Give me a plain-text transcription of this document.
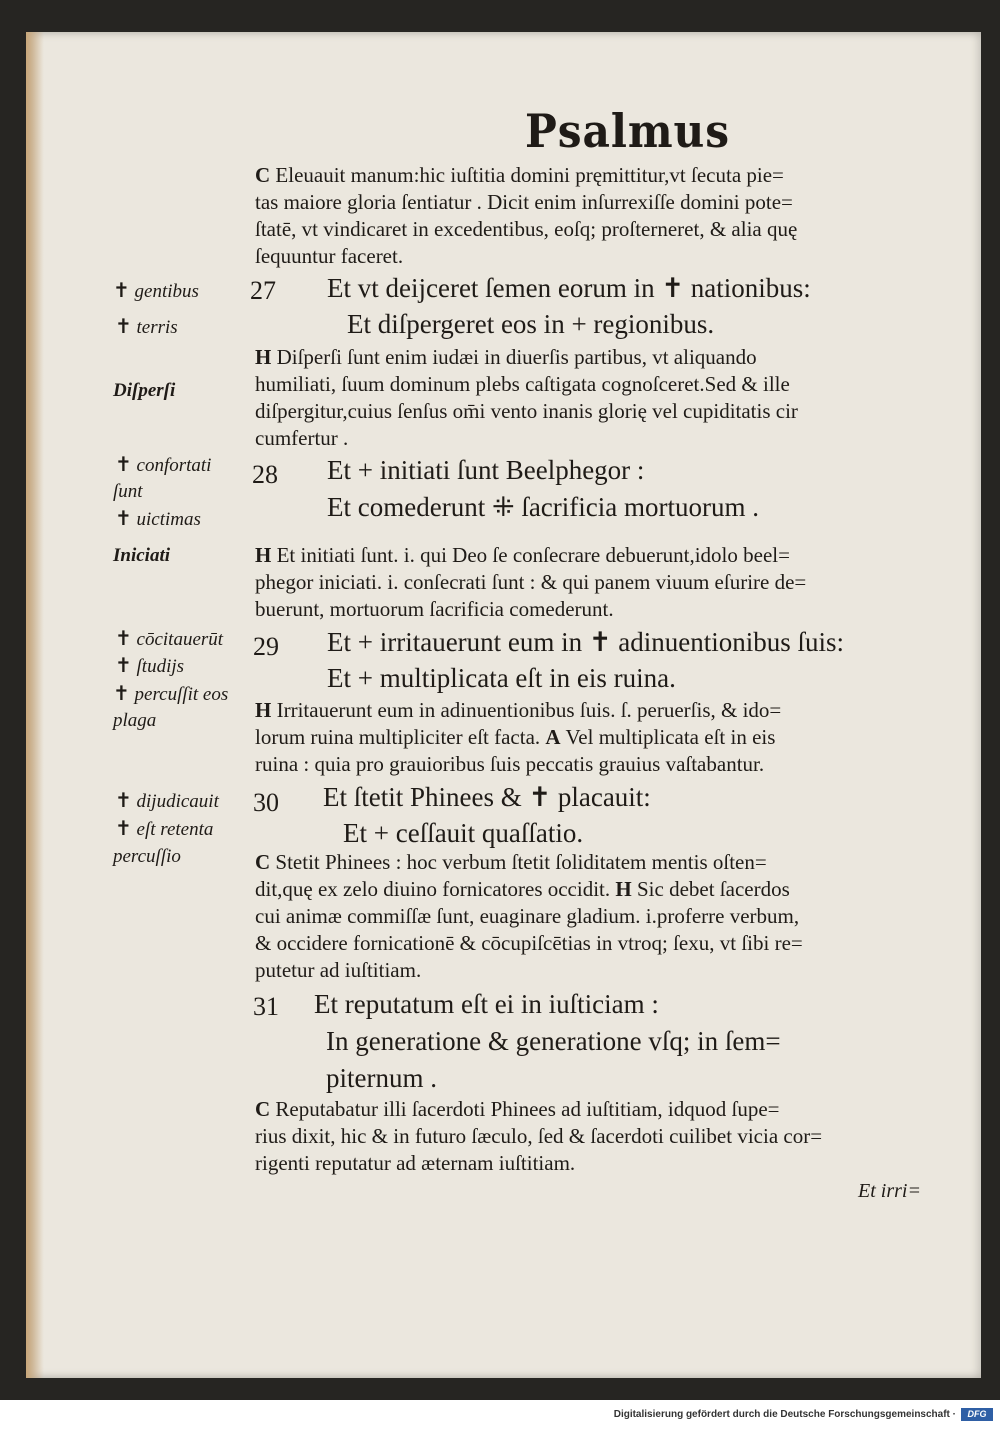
Psalmus
C Eleuauit manum:hic iuſtitia domini pręmittitur,vt ſecuta pie=
tas maiore gloria ſentiatur . Dicit enim inſurrexiſſe domini pote=
ſtatē, vt vindicaret in excedentibus, eoſq; proſterneret, & alia quę
ſequuntur faceret.
27 Et vt deijceret ſemen eorum in ✝ nationibus:
Et diſpergeret eos in + regionibus.
H Diſperſi ſunt enim iudæi in diuerſis partibus, vt aliquando
humiliati, ſuum dominum plebs caſtigata cognoſceret.Sed & ille
diſpergitur,cuius ſenſus om̄i vento inanis glorię vel cupiditatis cir
cumfertur .
28 Et + initiati ſunt Beelphegor :
Et comederunt ⁜ ſacrificia mortuorum .
H Et initiati ſunt. i. qui Deo ſe conſecrare debuerunt,idolo beel=
phegor iniciati. i. conſecrati ſunt : & qui panem viuum eſurire de=
buerunt, mortuorum ſacrificia comederunt.
29 Et + irritauerunt eum in ✝ adinuentionibus ſuis:
Et + multiplicata eſt in eis ruina.
H Irritauerunt eum in adinuentionibus ſuis. ſ. peruerſis, & ido=
lorum ruina multipliciter eſt facta. A Vel multiplicata eſt in eis
ruina : quia pro grauioribus ſuis peccatis grauius vaſtabantur.
30 Et ſtetit Phinees & ✝ placauit:
Et + ceſſauit quaſſatio.
C Stetit Phinees : hoc verbum ſtetit ſoliditatem mentis oſten=
dit,quę ex zelo diuino fornicatores occidit. H Sic debet ſacerdos
cui animæ commiſſæ ſunt, euaginare gladium. i.proferre verbum,
& occidere fornicationē & cōcupiſcētias in vtroq; ſexu, vt ſibi re=
putetur ad iuſtitiam.
31 Et reputatum eſt ei in iuſticiam :
In generatione & generatione vſq; in ſem=
piternum .
C Reputabatur illi ſacerdoti Phinees ad iuſtitiam, idquod ſupe=
rius dixit, hic & in futuro ſæculo, ſed & ſacerdoti cuilibet vicia cor=
rigenti reputatur ad æternam iuſtitiam.
✝ gentibus
✝ terris
Diſperſi
✝ confortati
ſunt
✝ uictimas
Iniciati
✝ cōcitauerūt
✝ ſtudijs
✝ percuſſit eos
plaga
✝ dijudicauit
✝ eſt retenta
percuſſio
Et irri=
Digitalisierung gefördert durch die Deutsche Forschungsgemeinschaft ·	DFG
